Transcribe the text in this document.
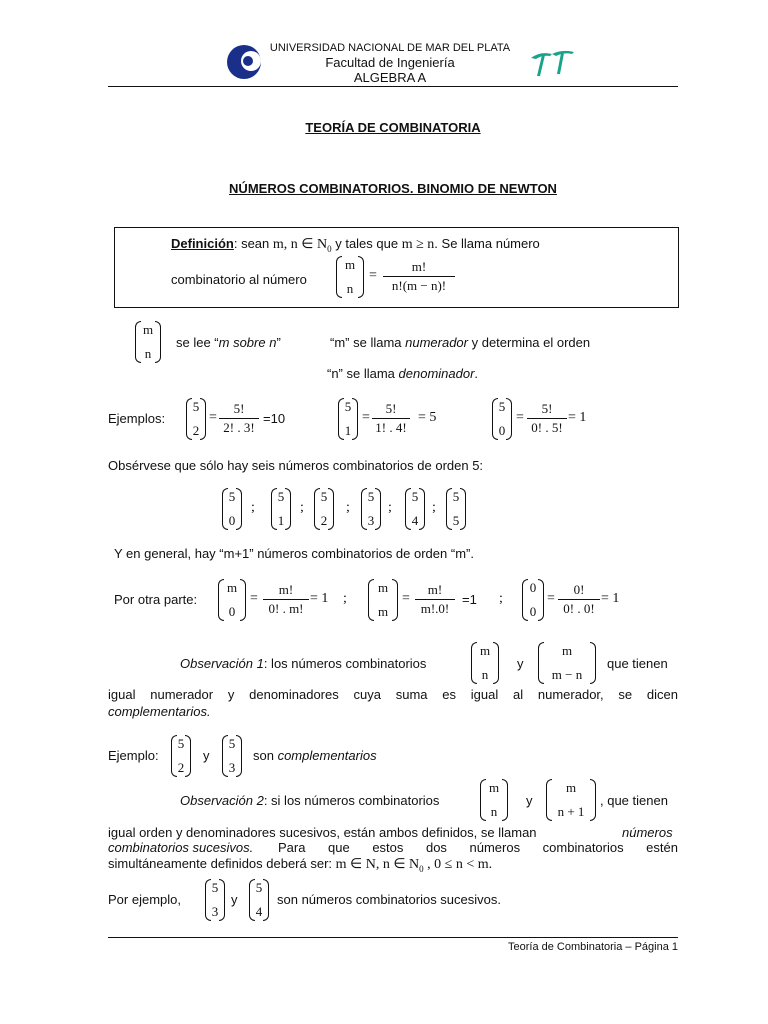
UNIVERSIDAD NACIONAL DE MAR DEL PLATA
Facultad de Ingeniería
ALGEBRA A
TEORÍA DE COMBINATORIA
NÚMEROS COMBINATORIOS. BINOMIO DE NEWTON
Definición: sean m, n ∈ $N_0$ y tales que m ≥ n. Se llama número
combinatorio al número
m
n
= $\frac{m!}{n!(m - n)!}$
m
n
se lee “m sobre n”	“m” se llama numerador y determina el orden
“n” se llama denominador.
Ejemplos:
5
2
= $\frac{5!}{2! . 3!} =10$
5
1
= $\frac{5!}{1! . 4!} = 5$
5
0
= $\frac{5!}{0! . 5!} = 1$
Obsérvese que sólo hay seis números combinatorios de orden 5:
5
0
;
5
1
;
5
2
;
5
3
;
5
4
;
5
5
Y en general, hay “m+1” números combinatorios de orden “m”.
Por otra parte:
m
0
= $\frac{m!}{0! . m!} = 1$ ;
m
m
= $\frac{m!}{m!.0!} =1$ ;
0
0
= $\frac{0!}{0! . 0!} = 1$
Observación 1: los números combinatorios
m
n
y
m
m − n
que tienen
igual numerador y denominadores cuya suma es igual al numerador, se dicen
complementarios.
Ejemplo:
5
2
y
5
3
son complementarios
Observación 2: si los números combinatorios
m
n
y
m
n + 1
, que tienen
igual orden y denominadores sucesivos, están ambos definidos, se llaman	números
combinatorios sucesivos. Para que estos dos números combinatorios estén
simultáneamente definidos deberá ser: m ∈ N, n ∈ $N_0$ , 0 ≤ n < m.
Por ejemplo,
5
3
y
5
4
son números combinatorios sucesivos.
Teoría de Combinatoria – Página 1
